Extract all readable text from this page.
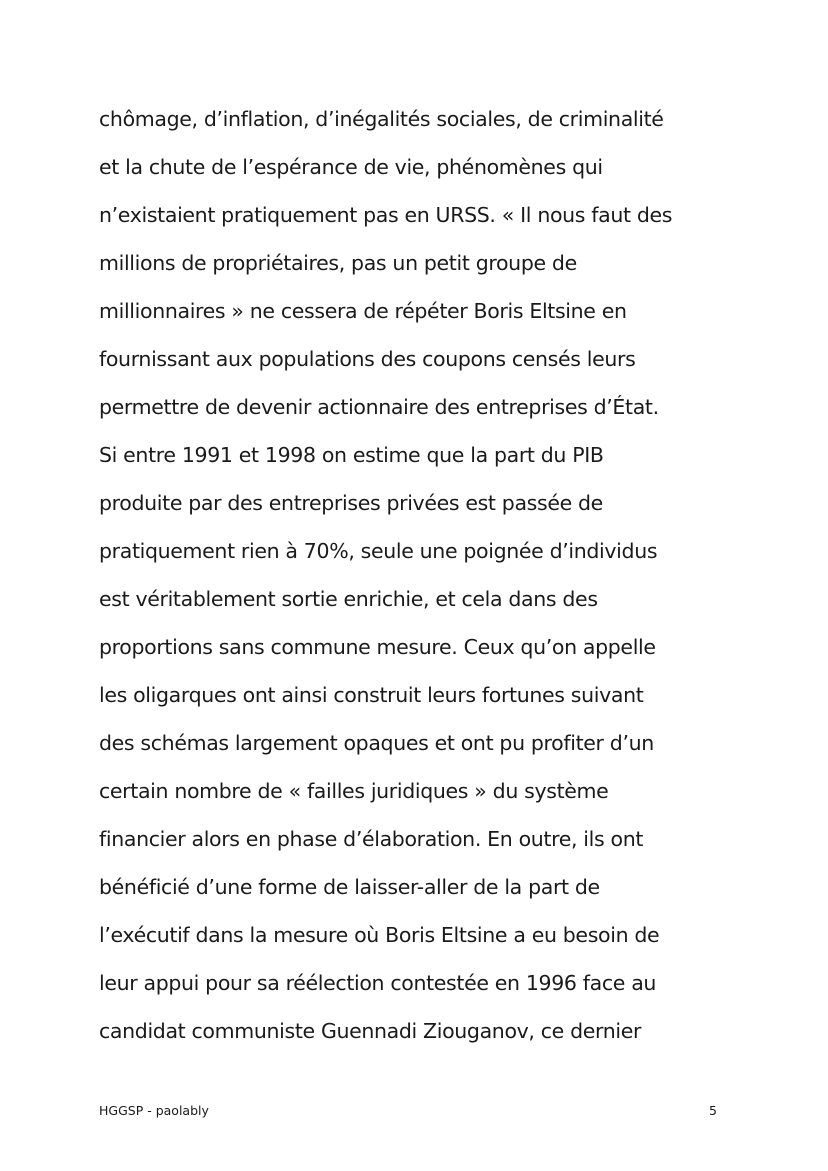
chômage, d’inflation, d’inégalités sociales, de criminalité
et la chute de l’espérance de vie, phénomènes qui
n’existaient pratiquement pas en URSS. « Il nous faut des
millions de propriétaires, pas un petit groupe de
millionnaires » ne cessera de répéter Boris Eltsine en
fournissant aux populations des coupons censés leurs
permettre de devenir actionnaire des entreprises d’État.
Si entre 1991 et 1998 on estime que la part du PIB
produite par des entreprises privées est passée de
pratiquement rien à 70%, seule une poignée d’individus
est véritablement sortie enrichie, et cela dans des
proportions sans commune mesure. Ceux qu’on appelle
les oligarques ont ainsi construit leurs fortunes suivant
des schémas largement opaques et ont pu profiter d’un
certain nombre de « failles juridiques » du système
financier alors en phase d’élaboration. En outre, ils ont
bénéficié d’une forme de laisser-aller de la part de
l’exécutif dans la mesure où Boris Eltsine a eu besoin de
leur appui pour sa réélection contestée en 1996 face au
candidat communiste Guennadi Ziouganov, ce dernier
HGGSP - paolably	5
